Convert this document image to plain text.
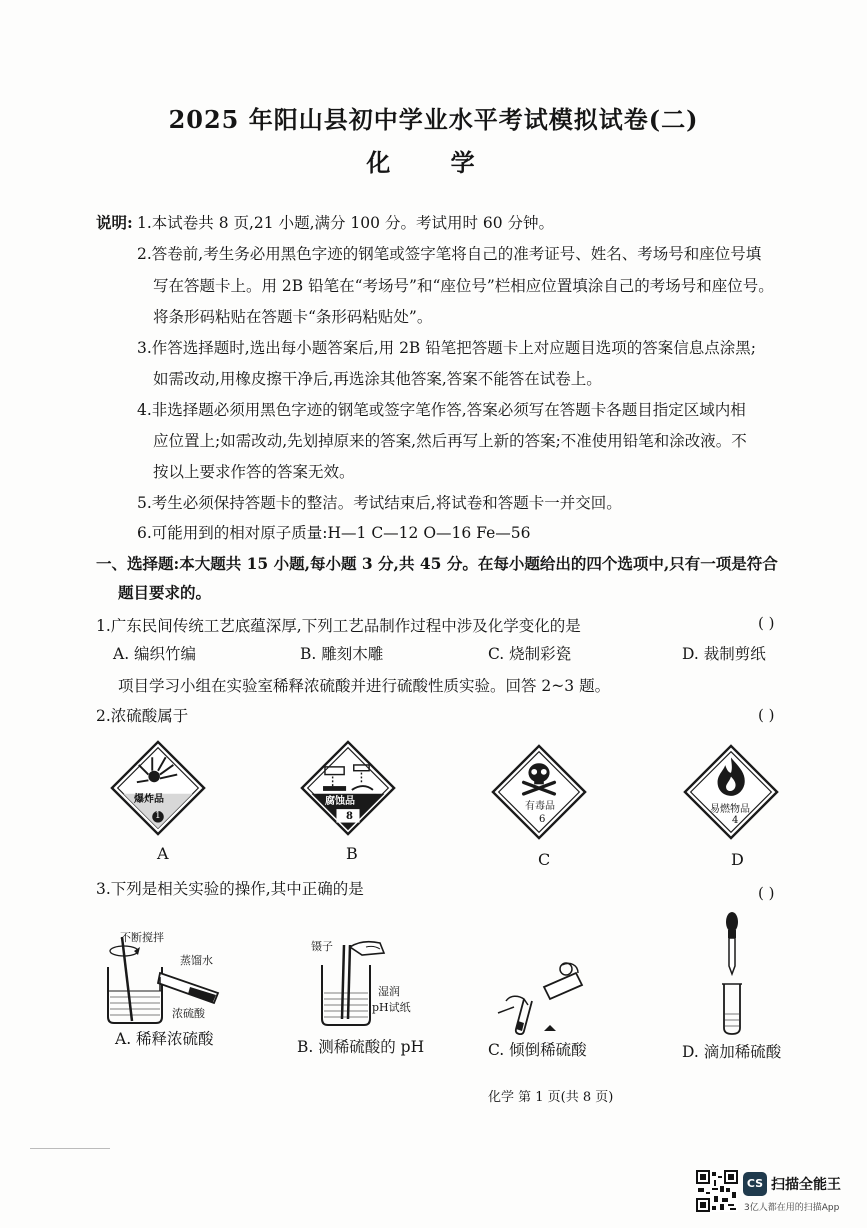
2025 年阳山县初中学业水平考试模拟试卷(二)
化 学
说明: 1.本试卷共 8 页,21 小题,满分 100 分。考试用时 60 分钟。
2.答卷前,考生务必用黑色字迹的钢笔或签字笔将自己的准考证号、姓名、考场号和座位号填
写在答题卡上。用 2B 铅笔在“考场号”和“座位号”栏相应位置填涂自己的考场号和座位号。
将条形码粘贴在答题卡“条形码粘贴处”。
3.作答选择题时,选出每小题答案后,用 2B 铅笔把答题卡上对应题目选项的答案信息点涂黑;
如需改动,用橡皮擦干净后,再选涂其他答案,答案不能答在试卷上。
4.非选择题必须用黑色字迹的钢笔或签字笔作答,答案必须写在答题卡各题目指定区域内相
应位置上;如需改动,先划掉原来的答案,然后再写上新的答案;不准使用铅笔和涂改液。不
按以上要求作答的答案无效。
5.考生必须保持答题卡的整洁。考试结束后,将试卷和答题卡一并交回。
6.可能用到的相对原子质量:H—1 C—12 O—16 Fe—56
一、选择题:本大题共 15 小题,每小题 3 分,共 45 分。在每小题给出的四个选项中,只有一项是符合
题目要求的。
1.广东民间传统工艺底蕴深厚,下列工艺品制作过程中涉及化学变化的是	( )
A. 编织竹编	B. 雕刻木雕	C. 烧制彩瓷	D. 裁制剪纸
项目学习小组在实验室稀释浓硫酸并进行硫酸性质实验。回答 2~3 题。
2.浓硫酸属于	( )
爆炸品
1
A
腐蚀品
8
B
有毒品
6
C
易燃物品
4
D
3.下列是相关实验的操作,其中正确的是	( )
不断搅拌
蒸馏水
浓硫酸
A. 稀释浓硫酸
镊子
湿润
pH试纸
B. 测稀硫酸的 pH	C. 倾倒稀硫酸	D. 滴加稀硫酸
化学 第 1 页(共 8 页)
CS 扫描全能王
3亿人都在用的扫描App
